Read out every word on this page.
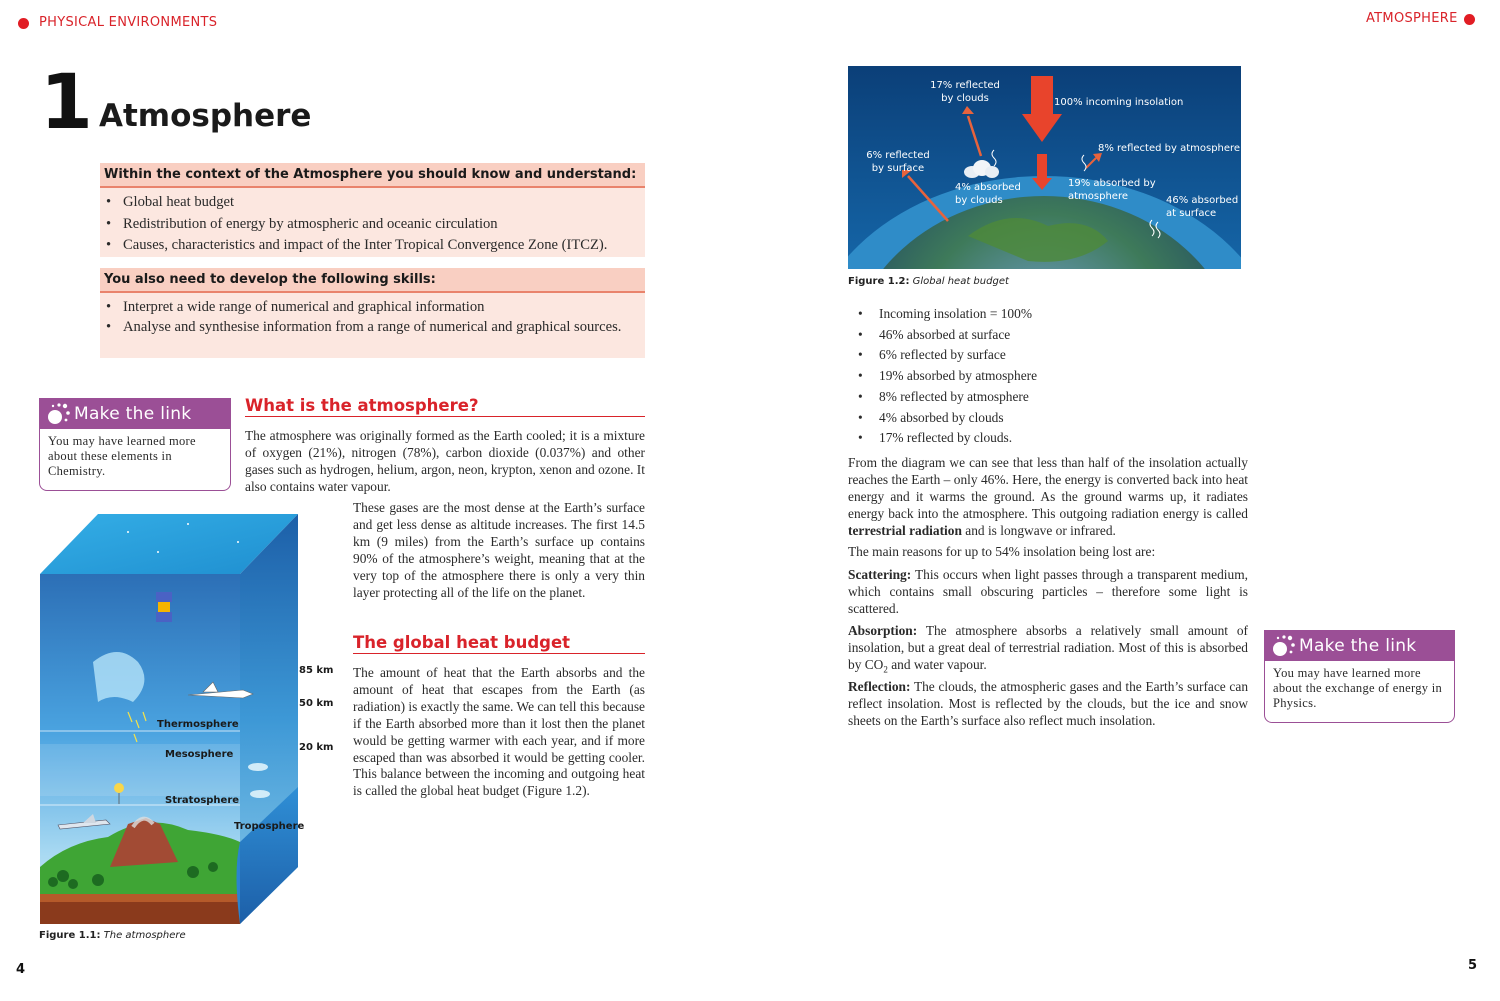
PHYSICAL ENVIRONMENTS	ATMOSPHERE
1 Atmosphere
Within the context of the Atmosphere you should know and understand:
• Global heat budget
• Redistribution of energy by atmospheric and oceanic circulation
• Causes, characteristics and impact of the Inter Tropical Convergence Zone (ITCZ).
You also need to develop the following skills:
• Interpret a wide range of numerical and graphical information
• Analyse and synthesise information from a range of numerical and graphical sources.
Make the link
You may have learned more about these elements in Chemistry.
What is the atmosphere?
The atmosphere was originally formed as the Earth cooled; it is a mixture of oxygen (21%), nitrogen (78%), carbon dioxide (0.037%) and other gases such as hydrogen, helium, argon, neon, krypton, xenon and ozone. It also contains water vapour.
These gases are the most dense at the Earth’s surface and get less dense as altitude increases. The first 14.5 km (9 miles) from the Earth’s surface up contains 90% of the atmosphere’s weight, meaning that at the very top of the atmosphere there is only a very thin layer protecting all of the life on the planet.
The global heat budget
The amount of heat that the Earth absorbs and the amount of heat that escapes from the Earth (as radiation) is exactly the same. We can tell this because if the Earth absorbed more than it lost then the planet would be getting warmer with each year, and if more escaped than was absorbed it would be getting cooler. This balance between the incoming and outgoing heat is called the global heat budget (Figure 1.2).
Thermosphere
Mesosphere
Stratosphere
Troposphere
85 km
50 km
20 km
Figure 1.1: The atmosphere
17% reflected
by clouds	100% incoming insolation
8% reflected by atmosphere
6% reflected
by surface
4% absorbed
by clouds
19% absorbed by
atmosphere	46% absorbed
at surface
Figure 1.2: Global heat budget
• Incoming insolation = 100%
• 46% absorbed at surface
• 6% reflected by surface
• 19% absorbed by atmosphere
• 8% reflected by atmosphere
• 4% absorbed by clouds
• 17% reflected by clouds.
From the diagram we can see that less than half of the insolation actually reaches the Earth – only 46%. Here, the energy is converted back into heat energy and it warms the ground. As the ground warms up, it radiates energy back into the atmosphere. This outgoing radiation energy is called terrestrial radiation and is longwave or infrared.
The main reasons for up to 54% insolation being lost are:
Scattering: This occurs when light passes through a transparent medium, which contains small obscuring particles – therefore some light is scattered.
Absorption: The atmosphere absorbs a relatively small amount of insolation, but a great deal of terrestrial radiation. Most of this is absorbed by $CO_2$ and water vapour.
Reflection: The clouds, the atmospheric gases and the Earth’s surface can reflect insolation. Most is reflected by the clouds, but the ice and snow sheets on the Earth’s surface also reflect much insolation.
Make the link
You may have learned more about the exchange of energy in Physics.
4	5
